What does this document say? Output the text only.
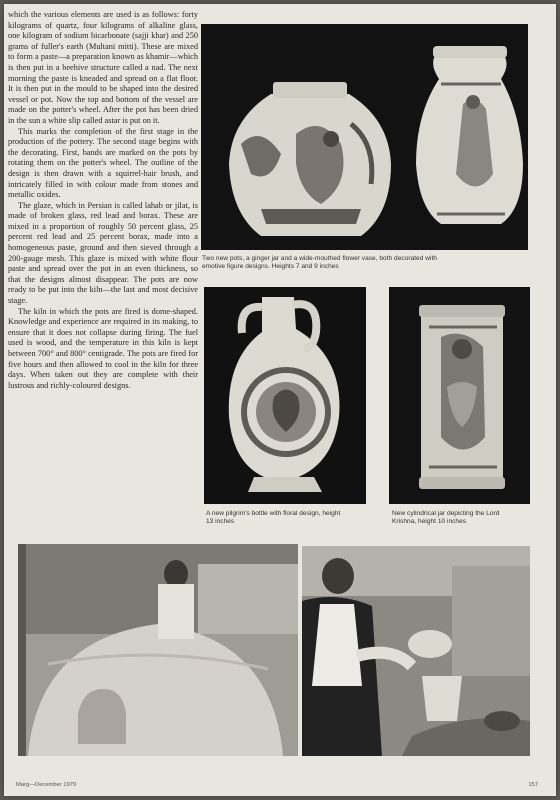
which the various elements are used is as follows: forty kilograms of quartz, four kilograms of alkaline glass, one kilogram of sodium bicarbonate (sajji khar) and 250 grams of fuller's earth (Multani mitti). These are mixed to form a paste—a preparation known as khamir—which is then put in a beehive structure called a nad. The next morning the paste is kneaded and spread on a flat floor. It is then put in the mould to be shaped into the desired vessel or pot. Now the top and bottom of the vessel are made on the potter's wheel. After the pot has been dried in the sun a white slip called astar is put on it.

This marks the completion of the first stage in the production of the pottery. The second stage begins with the decorating. First, bands are marked on the pots by rotating them on the potter's wheel. The outline of the design is then drawn with a squirrel-hair brush, and intricately filled in with colour made from stones and metallic oxides.

The glaze, which in Persian is called lahab or jilat, is made of broken glass, red lead and borax. These are mixed in a proportion of roughly 50 percent glass, 25 percent red lead and 25 percent borax, made into a homogeneous paste, ground and then sieved through a 200-gauge mesh. This glaze is mixed with white flour paste and spread over the pot in an even thickness, so that the designs almost disappear. The pots are now ready to be put into the kiln—the last and most decisive stage.

The kiln in which the pots are fired is dome-shaped. Knowledge and experience are required in its making, to ensure that it does not collapse during firing. The fuel used is wood, and the temperature in this kiln is kept between 700° and 800° centigrade. The pots are fired for five hours and then allowed to cool in the kiln for three days. When taken out they are complete with their lustrous and richly-coloured designs.

Two new pots, a ginger jar and a wide-mouthed flower vase, both decorated with emotive figure designs. Heights 7 and 9 inches
A new pilgrim's bottle with floral design, height 13 inches
New cylindrical jar depicting the Lord Krishna, height 10 inches
Marg—December 1979	157
